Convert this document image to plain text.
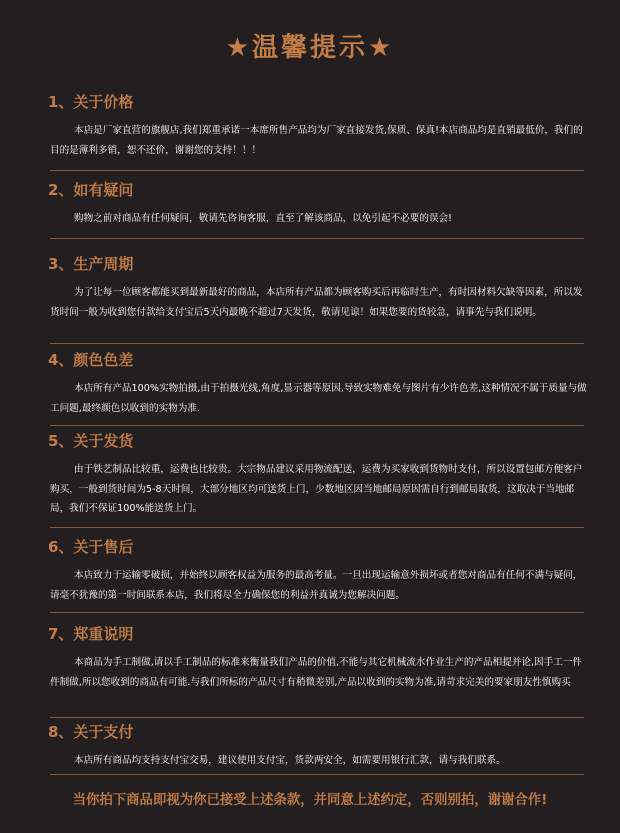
★温馨提示★
1、关于价格
本店是厂家直营的旗舰店,我们郑重承诺一本席所售产品均为厂家直接发货,保质、保真!本店商品均是直销最低价，我们的目的是薄利多销，恕不还价，谢谢您的支持！！！
2、如有疑问
购物之前对商品有任何疑问，敬请先咨询客服，直至了解该商品，以免引起不必要的误会!
3、生产周期
为了让每一位顾客都能买到最新最好的商品，本店所有产品都为顾客购买后再临时生产，有时因材料欠缺等因素，所以发货时间一般为收到您付款给支付宝后5天内最晚不超过7天发货，敬请见谅！如果您要的货较急，请事先与我们说明。
4、颜色色差
本店所有产品100%实物拍摄,由于拍摄光线,角度,显示器等原因,导致实物难免与图片有少许色差,这种情况不属于质量与做工问题,最终颜色以收到的实物为准.
5、关于发货
由于铁艺制品比较重，运费也比较贵。大宗物品建议采用物流配送，运费为买家收到货物时支付，所以设置包邮方便客户购买，一般到货时间为5-8天时间，大部分地区均可送货上门，少数地区因当地邮局原因需自行到邮局取货，这取决于当地邮局，我们不保证100%能送货上门。
6、关于售后
本店致力于运输零破损，并始终以顾客权益为服务的最高考量。一旦出现运输意外损坏或者您对商品有任何不满与疑问，请毫不犹豫的第一时间联系本店，我们将尽全力确保您的利益并真诚为您解决问题。
7、郑重说明
本商品为手工制做,请以手工制品的标准来衡量我们产品的价值,不能与其它机械流水作业生产的产品相提并论,因手工一件件制做,所以您收到的商品有可能.与我们所标的产品尺寸有稍微差别,产品以收到的实物为准,请苛求完美的要家朋友性慎购买
8、关于支付
本店所有商品均支持支付宝交易，建议使用支付宝，货款两安全，如需要用银行汇款，请与我们联系。
当你拍下商品即视为你已接受上述条款，并同意上述约定，否则别拍，谢谢合作!
